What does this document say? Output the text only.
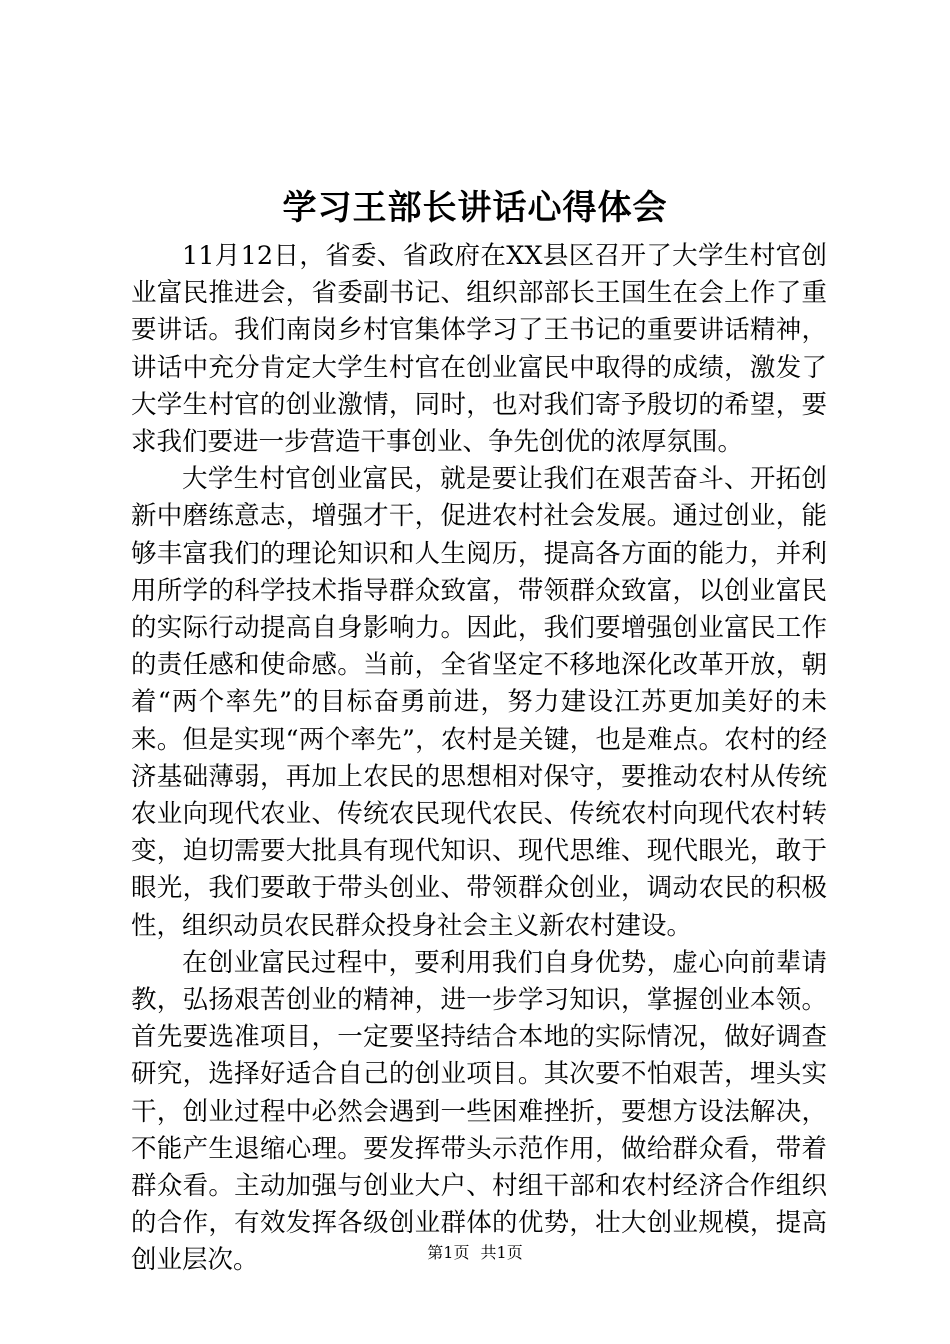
学习王部长讲话心得体会

11月12日，省委、省政府在XX县区召开了大学生村官创业富民推进会，省委副书记、组织部部长王国生在会上作了重要讲话。我们南岗乡村官集体学习了王书记的重要讲话精神，讲话中充分肯定大学生村官在创业富民中取得的成绩，激发了大学生村官的创业激情，同时，也对我们寄予殷切的希望，要求我们要进一步营造干事创业、争先创优的浓厚氛围。

大学生村官创业富民，就是要让我们在艰苦奋斗、开拓创新中磨练意志，增强才干，促进农村社会发展。通过创业，能够丰富我们的理论知识和人生阅历，提高各方面的能力，并利用所学的科学技术指导群众致富，带领群众致富，以创业富民的实际行动提高自身影响力。因此，我们要增强创业富民工作的责任感和使命感。当前，全省坚定不移地深化改革开放，朝着“两个率先”的目标奋勇前进，努力建设江苏更加美好的未来。但是实现“两个率先”，农村是关键，也是难点。农村的经济基础薄弱，再加上农民的思想相对保守，要推动农村从传统农业向现代农业、传统农民现代农民、传统农村向现代农村转变，迫切需要大批具有现代知识、现代思维、现代眼光，敢于眼光，我们要敢于带头创业、带领群众创业，调动农民的积极性，组织动员农民群众投身社会主义新农村建设。

在创业富民过程中，要利用我们自身优势，虚心向前辈请教，弘扬艰苦创业的精神，进一步学习知识，掌握创业本领。首先要选准项目，一定要坚持结合本地的实际情况，做好调查研究，选择好适合自己的创业项目。其次要不怕艰苦，埋头实干，创业过程中必然会遇到一些困难挫折，要想方设法解决，不能产生退缩心理。要发挥带头示范作用，做给群众看，带着群众看。主动加强与创业大户、村组干部和农村经济合作组织的合作，有效发挥各级创业群体的优势，壮大创业规模，提高创业层次。	第1页 共1页
